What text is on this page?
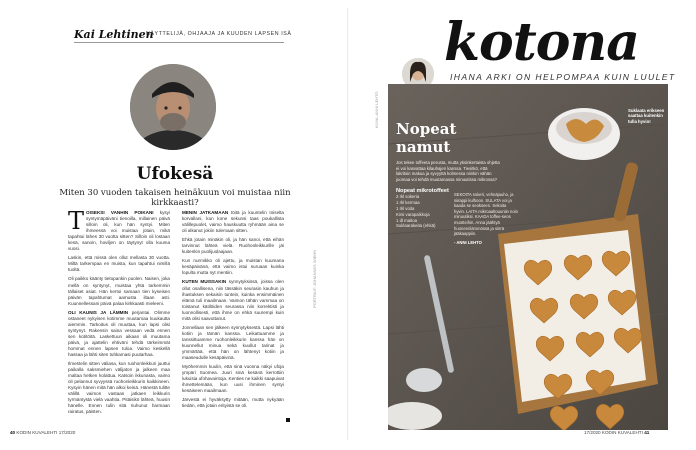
Kai Lehtinen
NÄYTTELIJÄ, OHJAAJA JA KUUDEN LAPSEN ISÄ
Ufokesä
Miten 30 vuoden takaisen heinäkuun voi muistaa niin kirkkaasti?

TOISEKSI VANHIN POIKANI kysyi syntymäpäiväni tienoilla, millainen päivä silloin oli, kun hän syntyi. Miten ihmeessä voi muistaa jotain, mikä tapahtui lähes 30 vuotta sitten? Silloin oli lostaan kesä, sanoin, hoviljen on täytynyt olla kuuma vuosi.

Laskin, että missä olen ollut mellasta 30 vuotta. Miltä tarkempaa en muista, kun tapahtui nimillä tuoltä.

Oli paikko käänty tietopankin puolen. Naisen, joka mellä on syntynyt, muistaa yhtä tarkemmin tällaiset asiat. Hän kertoi samaan tien kyseisen päivän tapahtumat aamusta iltaan asti. Kuunnellessani päivä palaa kirkkaasti mieleeni.

OLI KAUNIS JA LÄMMIN perjantai. Olimme ostaneet nykyisen kotimme muutamaa kuukautta aiemmin. Tarkoitus oli muuttaa, kun lapsi olisi syntynyt. Rakensin saina vessaan vedä ennen sen kotitöitä. Laskettuun aikaan oli muutama päivä, ja ajattelin ehtiväni tehdä tärkeimmät hommat ennen lapsen tuloa. Vaimo keskellä hassaa ja lähti siten tuhkamasi puutarhaa.

Ilmestelin sitten väliasa, kun ruohonleikkuri juuttui paikalla saksmiehen välijaton ja jalkeen maa maltaa hetken kolattua. Katsoin ikkunasta, vaimo oli pelannut syvyyssä ruohonleikkurin kaikkineen. Kysyin hänen mitä hän alkoi keinä. Hänestä tulitte välillä vaimon vastaan jatkaen leikkurin tyrmäntystä vielä vaahtia. Pitäisikö lähteä, huusin hänelle. Ennen tulin sitä riuhunut harmaan rairatus, päisten.

MENIN JATKAMAAN töitä ja kuuntelin toiselta korvallani, kun kone sekunsi taas poukallista välillepuolet, vaimo hauskuutta ryhmään aina se oli alkanut jokiin tulemaan sitten.

Ehkä jotain minäkin oli, ja hän sanoi, että eihän tarvinnut lähteä vielä. Ruohonleikkurille jäi kuitenkin puolijuolaajaan.

Kun nurmikko oli ajettu, ja muistan kuumana kesäpäivänä, että vaimo istui suruaan kuinka lopulta mutta nyt mentiin.

KUTEN MUISSAKIN synnytyksissä, joissa olen ollut osallisena, niin tässäkin seurasin kauhun ja ihastuksen sekaisin tuntein, kuinka ensimmäinen elämä tuli maailmaan. Vaimon tähän vammaa on toistanut kätilöiden seurassa niin korrektisti ja luonnollisesti, että ihme on ehkä suurempi kuin mitä olisi saavuttanut.

Jonnellaan sen jälkeen synnytyksestä. Lapsi lähti kotiin ja tämän kanssa. Leikattuamme ja tanssittuamme ruohonleikkurin kanssa hän on kuunnellut minua sekä kuullut tarinat ja ymmärtää, että hän on lähtenyt kotiin ja maaseudulle kesäpäivinä.

Myöhemmin kuulin, että sinä vuonna näkyi ufoja ympäri Suomea. Juuri sinä kesänä kerrottiin lukuisia ufohavaintoja. Kenties ne kaikki saapuivat ihmettelemään, kun uusi ihminen syntyi kesäiseen maailmaan.

Järvestä ei hyväksytty mitään, mutta nykyään tiedän, että jotain erityistä se oli.

PORTRAIT: JOHANNES WIEHN
40 KODIN KUVALEHTI 17/2020
kotona
IHANA ARKI ON HELPOMPAA KUIN LUULET
KUVA: ANNI LEHTO
Nopeat namut
Jos tekee toffeeta perusta, mutta yksinkertaista ohjetta ei voi kasvattaa kilauhajen kanssa. Tiesitkö, että lakritsin makua ja syvyyttä kolmessa niinkin vähän juomaa voi tehdä muutamassa minuutissa mikrossa?
Nopeat mikrotoffeet
2 rkl sokeria
1 rkl kermaa
1 rkl voita
Kirsi varapaikkoja
1 dl maitoa
Suklaarakeita (ehkä)
SEKOITA sokeri, vehnäjauho, ja siirappi kulhoon. SULATA voi ja kaada se seokseen. Sekoita hyvin. LAITA mikroaaltouuniin noin minuutiksi. KAADA toffee-seos muotteihin. Anna jäähtyä huoneenlämmössä ja siirrä jääkaappiin.
- ANNI LEHTO
Suklaata erikseen saattaa kuitenkin tulla hyvin!
17/2020 KODIN KUVALEHTI 41
